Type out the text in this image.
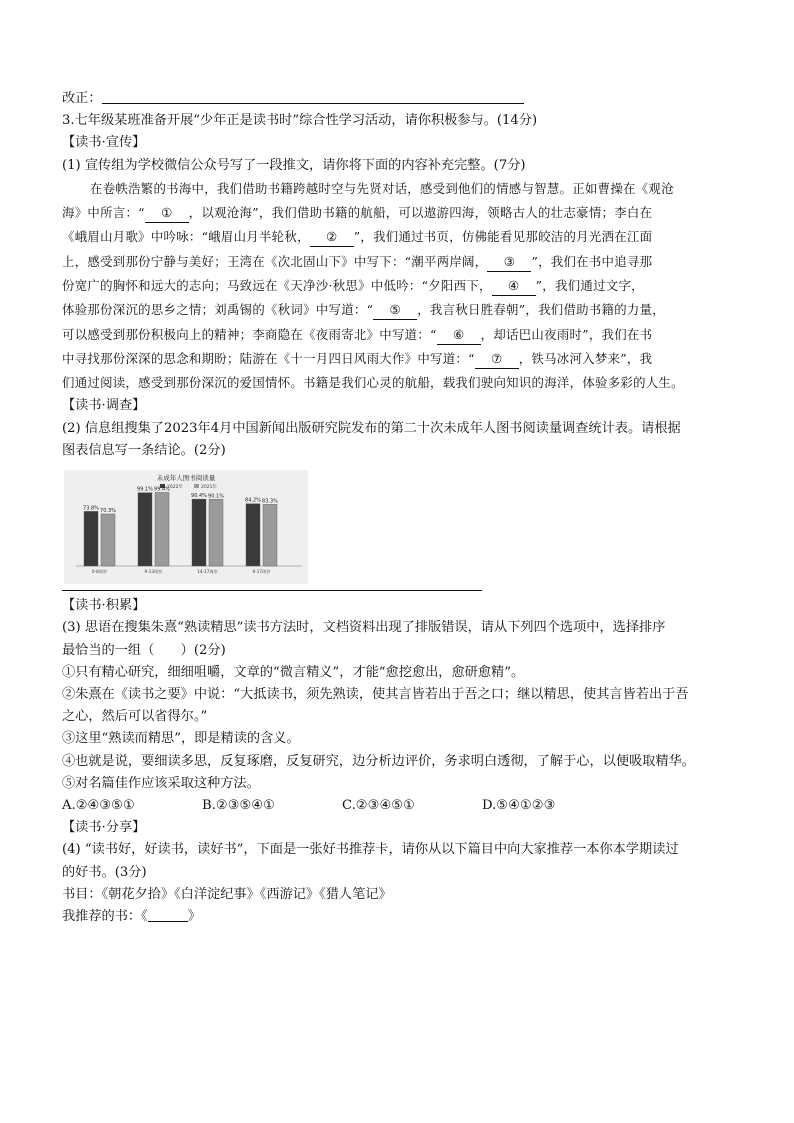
改正：
3.七年级某班准备开展“少年正是读书时”综合性学习活动，请你积极参与。(14分)
【读书·宣传】
(1) 宣传组为学校微信公众号写了一段推文，请你将下面的内容补充完整。(7分)
在卷帙浩繁的书海中，我们借助书籍跨越时空与先贤对话，感受到他们的情感与智慧。正如曹操在《观沧
海》中所言：“ ① ，以观沧海”，我们借助书籍的航船，可以遨游四海，领略古人的壮志豪情；李白在
《峨眉山月歌》中吟咏：“峨眉山月半轮秋， ② ”，我们通过书页，仿佛能看见那皎洁的月光洒在江面
上，感受到那份宁静与美好；王湾在《次北固山下》中写下：“潮平两岸阔， ③ ”，我们在书中追寻那
份宽广的胸怀和远大的志向；马致远在《天净沙·秋思》中低吟：“夕阳西下， ④ ”，我们通过文字，
体验那份深沉的思乡之情；刘禹锡的《秋词》中写道：“ ⑤ ，我言秋日胜春朝”，我们借助书籍的力量，
可以感受到那份积极向上的精神；李商隐在《夜雨寄北》中写道：“ ⑥ ，却话巴山夜雨时”，我们在书
中寻找那份深深的思念和期盼；陆游在《十一月四日风雨大作》中写道：“ ⑦ ，铁马冰河入梦来”，我
们通过阅读，感受到那份深沉的爱国情怀。书籍是我们心灵的航船，载我们驶向知识的海洋，体验多彩的人生。
【读书·调查】
(2) 信息组搜集了2023年4月中国新闻出版研究院发布的第二十次未成年人图书阅读量调查统计表。请根据
图表信息写一条结论。(2分)
未成年人图书阅读量
2022年	2021年
73.8% 70.3%
0-8周岁
99.1% 99.4%
9-13周岁
90.4% 90.1%
14-17周岁
84.2% 83.3%
0-17周岁
【读书·积累】
(3) 思语在搜集朱熹“熟读精思”读书方法时，文档资料出现了排版错误，请从下列四个选项中，选择排序
最恰当的一组（　　）(2分)
①只有精心研究，细细咀嚼，文章的“微言精义”，才能“愈挖愈出，愈研愈精”。
②朱熹在《读书之要》中说：“大抵读书，须先熟读，使其言皆若出于吾之口；继以精思，使其言皆若出于吾
之心，然后可以省得尔。”
③这里“熟读而精思”，即是精读的含义。
④也就是说，要细读多思，反复琢磨，反复研究，边分析边评价，务求明白透彻，了解于心，以便吸取精华。
⑤对名篇佳作应该采取这种方法。
A.②④③⑤①	B.②③⑤④①	C.②③④⑤①	D.⑤④①②③
【读书·分享】
(4) “读书好，好读书，读好书”，下面是一张好书推荐卡，请你从以下篇目中向大家推荐一本你本学期读过
的好书。(3分)
书目：《朝花夕拾》《白洋淀纪事》《西游记》《猎人笔记》
我推荐的书：《	》
